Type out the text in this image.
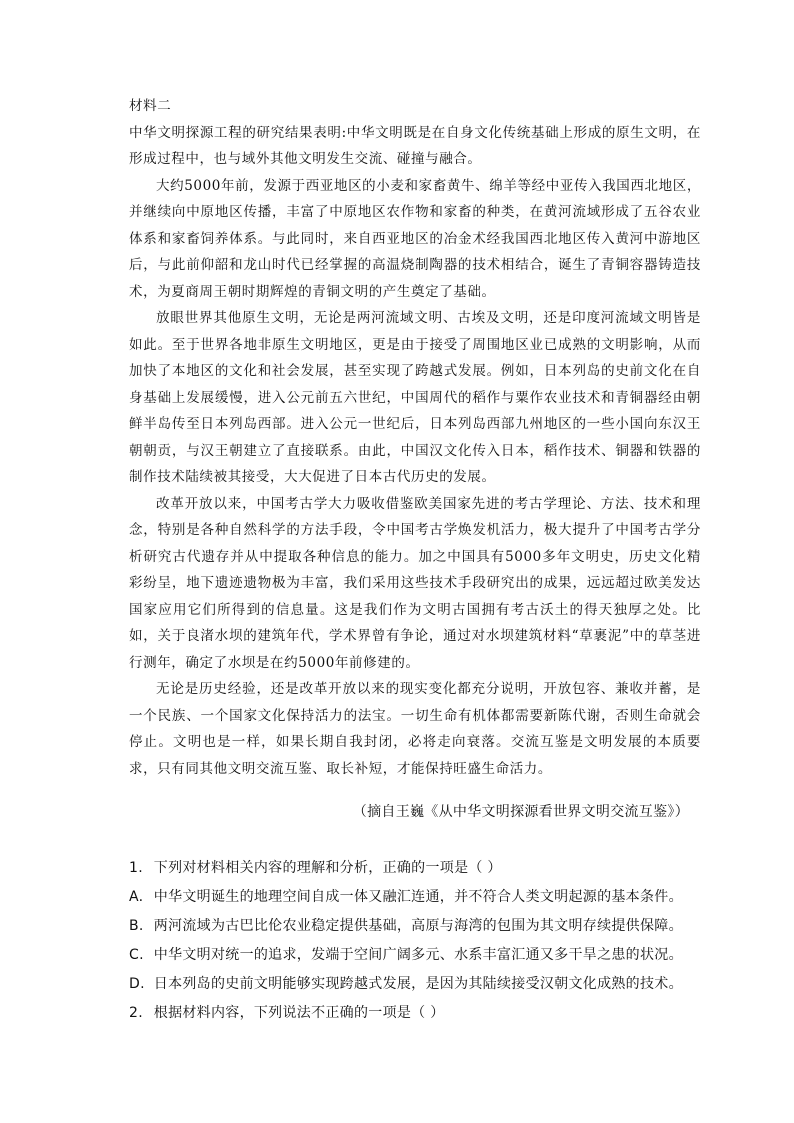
材料二

中华文明探源工程的研究结果表明:中华文明既是在自身文化传统基础上形成的原生文明，在形成过程中，也与域外其他文明发生交流、碰撞与融合。

大约5000年前，发源于西亚地区的小麦和家畜黄牛、绵羊等经中亚传入我国西北地区，并继续向中原地区传播，丰富了中原地区农作物和家畜的种类，在黄河流域形成了五谷农业体系和家畜饲养体系。与此同时，来自西亚地区的冶金术经我国西北地区传入黄河中游地区后，与此前仰韶和龙山时代已经掌握的高温烧制陶器的技术相结合，诞生了青铜容器铸造技术，为夏商周王朝时期辉煌的青铜文明的产生奠定了基础。

放眼世界其他原生文明，无论是两河流域文明、古埃及文明，还是印度河流域文明皆是如此。至于世界各地非原生文明地区，更是由于接受了周围地区业已成熟的文明影响，从而加快了本地区的文化和社会发展，甚至实现了跨越式发展。例如，日本列岛的史前文化在自身基础上发展缓慢，进入公元前五六世纪，中国周代的稻作与粟作农业技术和青铜器经由朝鲜半岛传至日本列岛西部。进入公元一世纪后，日本列岛西部九州地区的一些小国向东汉王朝朝贡，与汉王朝建立了直接联系。由此，中国汉文化传入日本，稻作技术、铜器和铁器的制作技术陆续被其接受，大大促进了日本古代历史的发展。

改革开放以来，中国考古学大力吸收借鉴欧美国家先进的考古学理论、方法、技术和理念，特别是各种自然科学的方法手段，令中国考古学焕发机活力，极大提升了中国考古学分析研究古代遗存并从中提取各种信息的能力。加之中国具有5000多年文明史，历史文化精彩纷呈，地下遗迹遗物极为丰富，我们采用这些技术手段研究出的成果，远远超过欧美发达国家应用它们所得到的信息量。这是我们作为文明古国拥有考古沃土的得天独厚之处。比如，关于良渚水坝的建筑年代，学术界曾有争论，通过对水坝建筑材料“草裹泥”中的草茎进行测年，确定了水坝是在约5000年前修建的。

无论是历史经验，还是改革开放以来的现实变化都充分说明，开放包容、兼收并蓄，是一个民族、一个国家文化保持活力的法宝。一切生命有机体都需要新陈代谢，否则生命就会停止。文明也是一样，如果长期自我封闭，必将走向衰落。交流互鉴是文明发展的本质要求，只有同其他文明交流互鉴、取长补短，才能保持旺盛生命活力。

（摘自王巍《从中华文明探源看世界文明交流互鉴》）
1. 下列对材料相关内容的理解和分析，正确的一项是（ ）
A. 中华文明诞生的地理空间自成一体又融汇连通，并不符合人类文明起源的基本条件。
B. 两河流域为古巴比伦农业稳定提供基础，高原与海湾的包围为其文明存续提供保障。
C. 中华文明对统一的追求，发端于空间广阔多元、水系丰富汇通又多干旱之患的状况。
D. 日本列岛的史前文明能够实现跨越式发展，是因为其陆续接受汉朝文化成熟的技术。
2. 根据材料内容，下列说法不正确的一项是（ ）
